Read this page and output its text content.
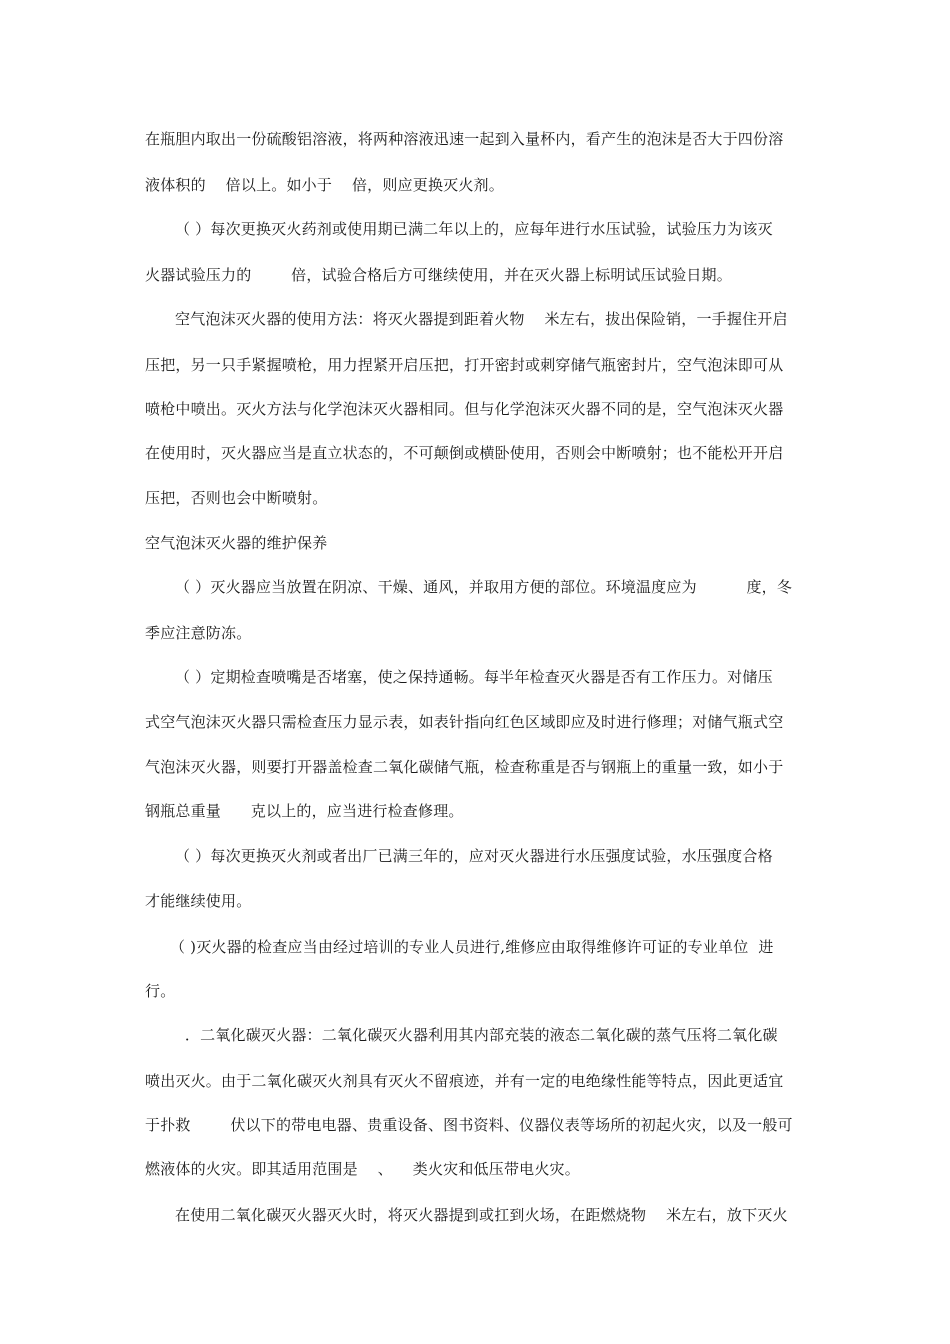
在瓶胆内取出一份硫酸铝溶液，将两种溶液迅速一起到入量杯内，看产生的泡沫是否大于四份溶
液体积的    倍以上。如小于    倍，则应更换灭火剂。
（ ）每次更换灭火药剂或使用期已满二年以上的，应每年进行水压试验，试验压力为该灭
火器试验压力的        倍，试验合格后方可继续使用，并在灭火器上标明试压试验日期。
空气泡沫灭火器的使用方法：将灭火器提到距着火物    米左右，拔出保险销，一手握住开启
压把，另一只手紧握喷枪，用力捏紧开启压把，打开密封或刺穿储气瓶密封片，空气泡沫即可从
喷枪中喷出。灭火方法与化学泡沫灭火器相同。但与化学泡沫灭火器不同的是，空气泡沫灭火器
在使用时，灭火器应当是直立状态的，不可颠倒或横卧使用，否则会中断喷射；也不能松开开启
压把，否则也会中断喷射。
空气泡沫灭火器的维护保养
（ ）灭火器应当放置在阴凉、干燥、通风，并取用方便的部位。环境温度应为          度，冬
季应注意防冻。
（ ）定期检查喷嘴是否堵塞，使之保持通畅。每半年检查灭火器是否有工作压力。对储压
式空气泡沫灭火器只需检查压力显示表，如表针指向红色区域即应及时进行修理；对储气瓶式空
气泡沫灭火器，则要打开器盖检查二氧化碳储气瓶，检查称重是否与钢瓶上的重量一致，如小于
钢瓶总重量      克以上的，应当进行检查修理。
（ ）每次更换灭火剂或者出厂已满三年的，应对灭火器进行水压强度试验，水压强度合格
才能继续使用。
（ )灭火器的检查应当由经过培训的专业人员进行,维修应由取得维修许可证的专业单位  进
行。
．二氧化碳灭火器：二氧化碳灭火器利用其内部充装的液态二氧化碳的蒸气压将二氧化碳
喷出灭火。由于二氧化碳灭火剂具有灭火不留痕迹，并有一定的电绝缘性能等特点，因此更适宜
于扑救        伏以下的带电电器、贵重设备、图书资料、仪器仪表等场所的初起火灾，以及一般可
燃液体的火灾。即其适用范围是    、    类火灾和低压带电火灾。
在使用二氧化碳灭火器灭火时，将灭火器提到或扛到火场，在距燃烧物    米左右，放下灭火
